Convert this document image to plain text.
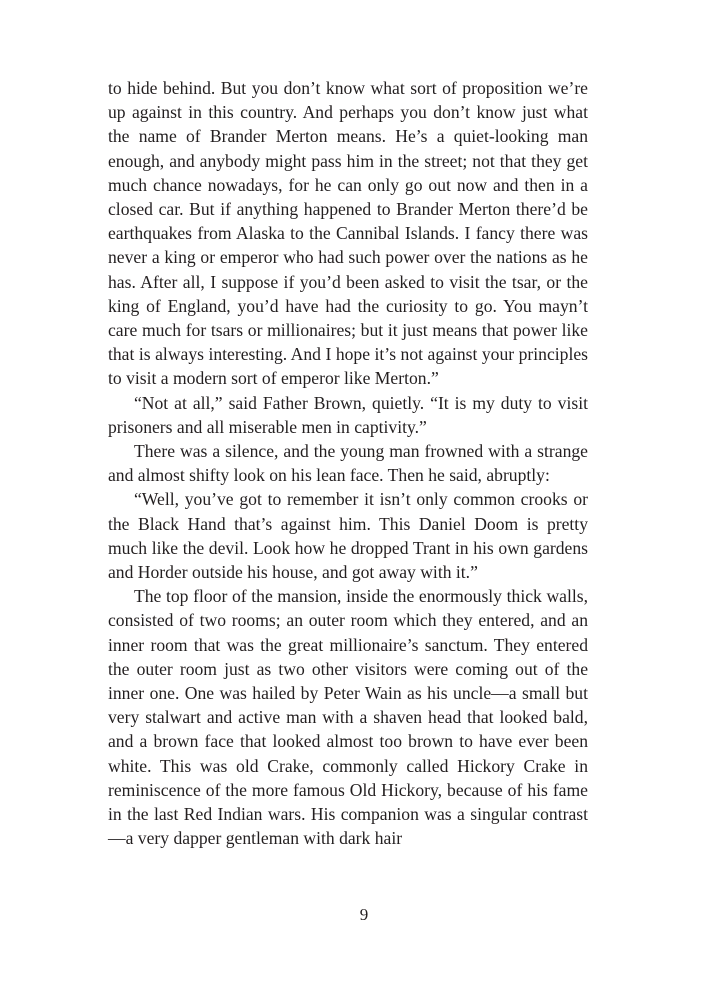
to hide behind. But you don’t know what sort of proposition we’re up against in this country. And perhaps you don’t know just what the name of Brander Merton means. He’s a quiet-looking man enough, and anybody might pass him in the street; not that they get much chance nowadays, for he can only go out now and then in a closed car. But if anything happened to Brander Merton there’d be earthquakes from Alaska to the Cannibal Islands. I fancy there was never a king or emperor who had such power over the nations as he has. After all, I suppose if you’d been asked to visit the tsar, or the king of England, you’d have had the curiosity to go. You mayn’t care much for tsars or millionaires; but it just means that power like that is always interesting. And I hope it’s not against your principles to visit a modern sort of emperor like Merton.”

“Not at all,” said Father Brown, quietly. “It is my duty to visit prisoners and all miserable men in captivity.”

There was a silence, and the young man frowned with a strange and almost shifty look on his lean face. Then he said, abruptly:

“Well, you’ve got to remember it isn’t only common crooks or the Black Hand that’s against him. This Daniel Doom is pretty much like the devil. Look how he dropped Trant in his own gardens and Horder outside his house, and got away with it.”

The top floor of the mansion, inside the enormously thick walls, consisted of two rooms; an outer room which they entered, and an inner room that was the great millionaire’s sanctum. They entered the outer room just as two other visitors were coming out of the inner one. One was hailed by Peter Wain as his uncle—a small but very stalwart and active man with a shaven head that looked bald, and a brown face that looked almost too brown to have ever been white. This was old Crake, commonly called Hickory Crake in reminiscence of the more famous Old Hickory, because of his fame in the last Red Indian wars. His companion was a singular contrast—a very dapper gentleman with dark hair

9
